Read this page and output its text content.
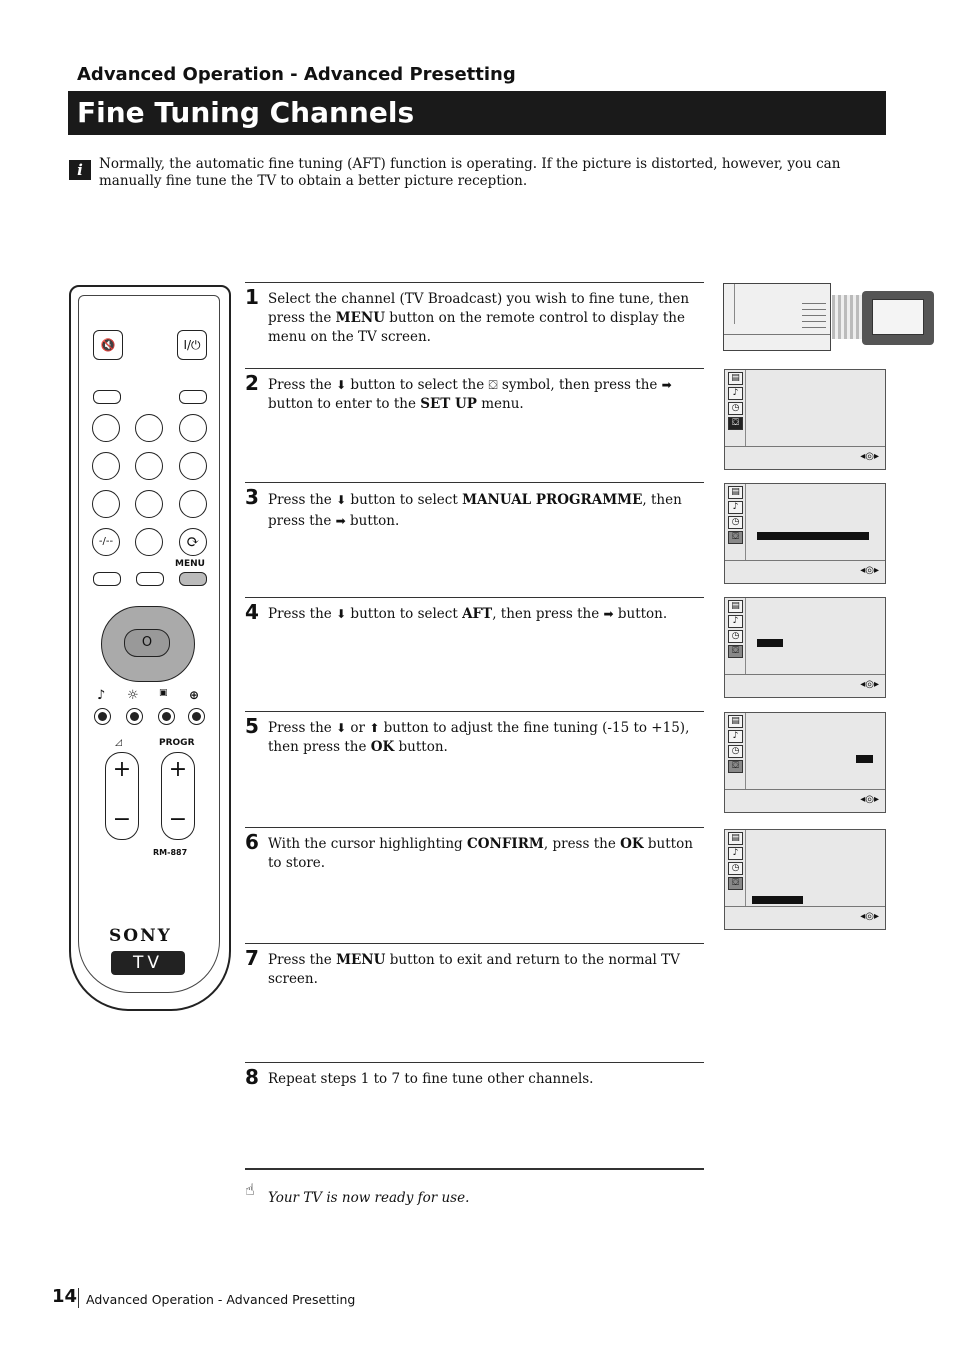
Advanced Operation - Advanced Presetting
Fine Tuning Channels
i	Normally, the automatic fine tuning (AFT) function is operating. If the picture is distorted, however, you can manually fine tune the TV to obtain a better picture reception.
🔇	I/⏻
-/--	⟳
MENU
O
♪ ☼ ▣ ⊕
PROGR
◿
+
−
+
−
RM-887
SONY
TV
1 Select the channel (TV Broadcast) you wish to fine tune, then press the MENU button on the remote control to display the menu on the TV screen.
2 Press the ⬇ button to select the ⛋ symbol, then press the ➡ button to enter to the SET UP menu.
3 Press the ⬇ button to select MANUAL PROGRAMME, then press the ➡ button.
4 Press the ⬇ button to select AFT, then press the ➡ button.
5 Press the ⬇ or ⬆ button to adjust the fine tuning (-15 to +15), then press the OK button.
6 With the cursor highlighting CONFIRM, press the OK button to store.
7 Press the MENU button to exit and return to the normal TV screen.
8 Repeat steps 1 to 7 to fine tune other channels.
☝ Your TV is now ready for use.
▤
♪
◷
⛋
◂◎▸
▤
♪
◷
⛋
◂◎▸
▤
♪
◷
⛋
◂◎▸
▤
♪
◷
⛋
◂◎▸
▤
♪
◷
⛋
◂◎▸
14 Advanced Operation - Advanced Presetting
